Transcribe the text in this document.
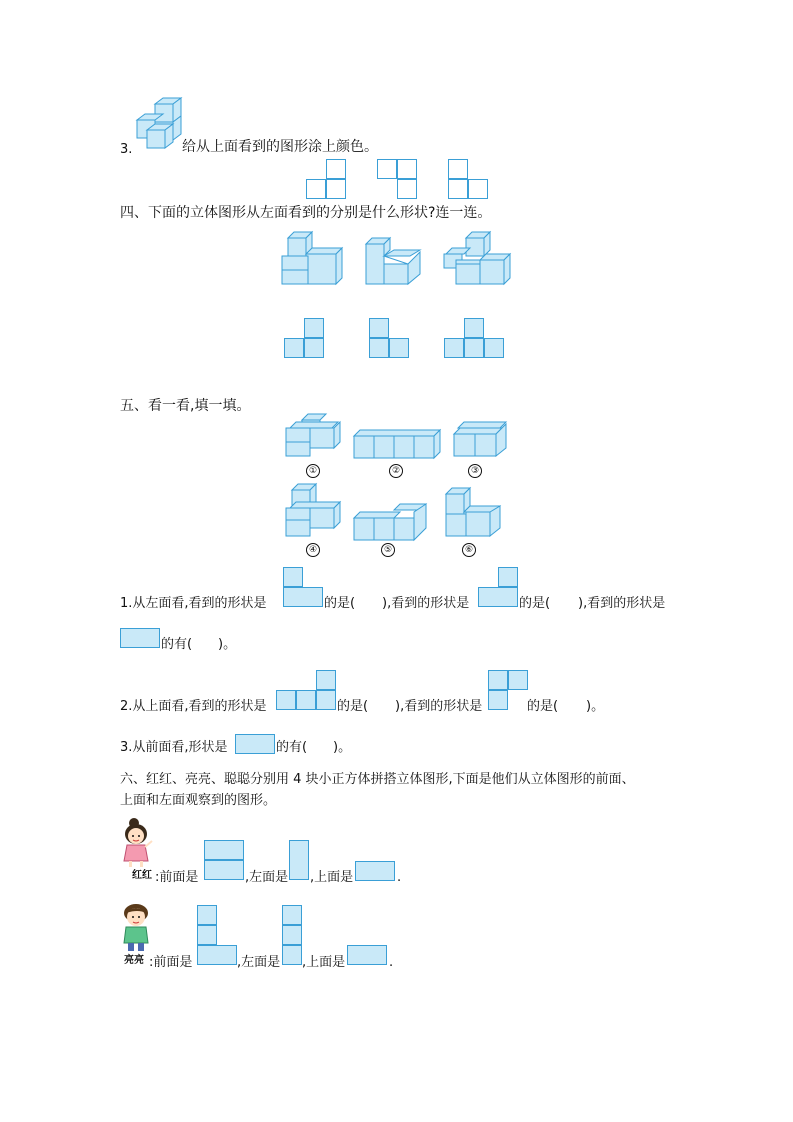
3.	给从上面看到的图形涂上颜色。
四、下面的立体图形从左面看到的分别是什么形状?连一连。
五、看一看,填一填。
①	②	③
④	⑤	⑥
1.从左面看,看到的形状是	的是( ),看到的形状是	的是( ),看到的形状是
的有( )。
2.从上面看,看到的形状是	的是( ),看到的形状是	的是( )。
3.从前面看,形状是	的有( )。
六、红红、亮亮、聪聪分别用 4 块小正方体拼搭立体图形,下面是他们从立体图形的前面、
上面和左面观察到的图形。
红红 :前面是	,左面是 ,上面是	.
亮亮 :前面是	,左面是 ,上面是	.
